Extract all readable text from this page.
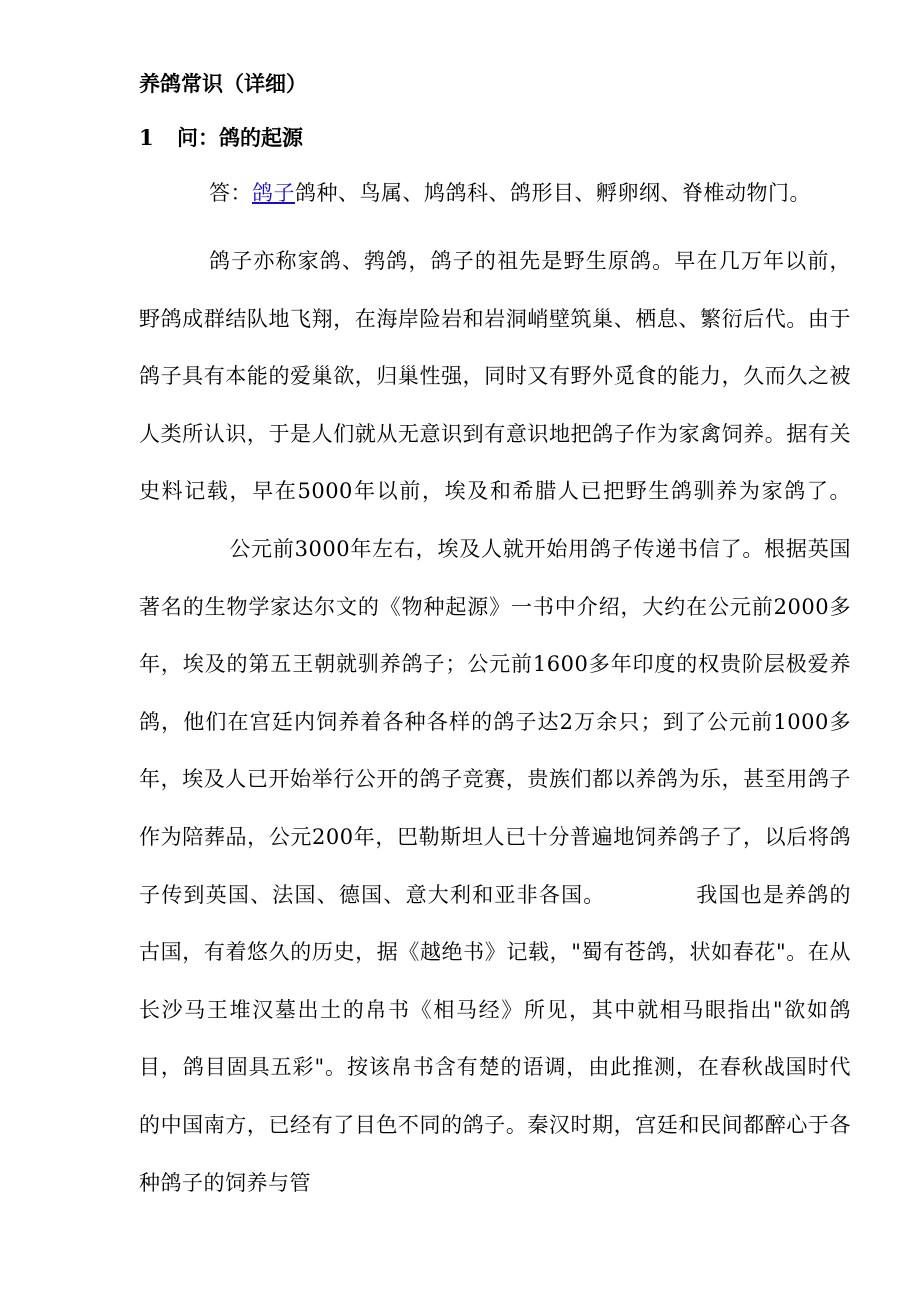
养鸽常识（详细）
1 问：鸽的起源

答：鸽子鸽种、鸟属、鸠鸽科、鸽形目、孵卵纲、脊椎动物门。

鸽子亦称家鸽、鹁鸽，鸽子的祖先是野生原鸽。早在几万年以前，野鸽成群结队地飞翔，在海岸险岩和岩洞峭壁筑巢、栖息、繁衍后代。由于鸽子具有本能的爱巢欲，归巢性强，同时又有野外觅食的能力，久而久之被人类所认识，于是人们就从无意识到有意识地把鸽子作为家禽饲养。据有关史料记载，早在5000年以前，埃及和希腊人已把野生鸽驯养为家鸽了。公元前3000年左右，埃及人就开始用鸽子传递书信了。根据英国著名的生物学家达尔文的《物种起源》一书中介绍，大约在公元前2000多年，埃及的第五王朝就驯养鸽子；公元前1600多年印度的权贵阶层极爱养鸽，他们在宫廷内饲养着各种各样的鸽子达2万余只；到了公元前1000多年，埃及人已开始举行公开的鸽子竞赛，贵族们都以养鸽为乐，甚至用鸽子作为陪葬品，公元200年，巴勒斯坦人已十分普遍地饲养鸽子了，以后将鸽子传到英国、法国、德国、意大利和亚非各国。	我国也是养鸽的古国，有着悠久的历史，据《越绝书》记载，"蜀有苍鸽，状如春花"。在从长沙马王堆汉墓出土的帛书《相马经》所见，其中就相马眼指出"欲如鸽目，鸽目固具五彩"。按该帛书含有楚的语调，由此推测，在春秋战国时代的中国南方，已经有了目色不同的鸽子。秦汉时期，宫廷和民间都醉心于各种鸽子的饲养与管
